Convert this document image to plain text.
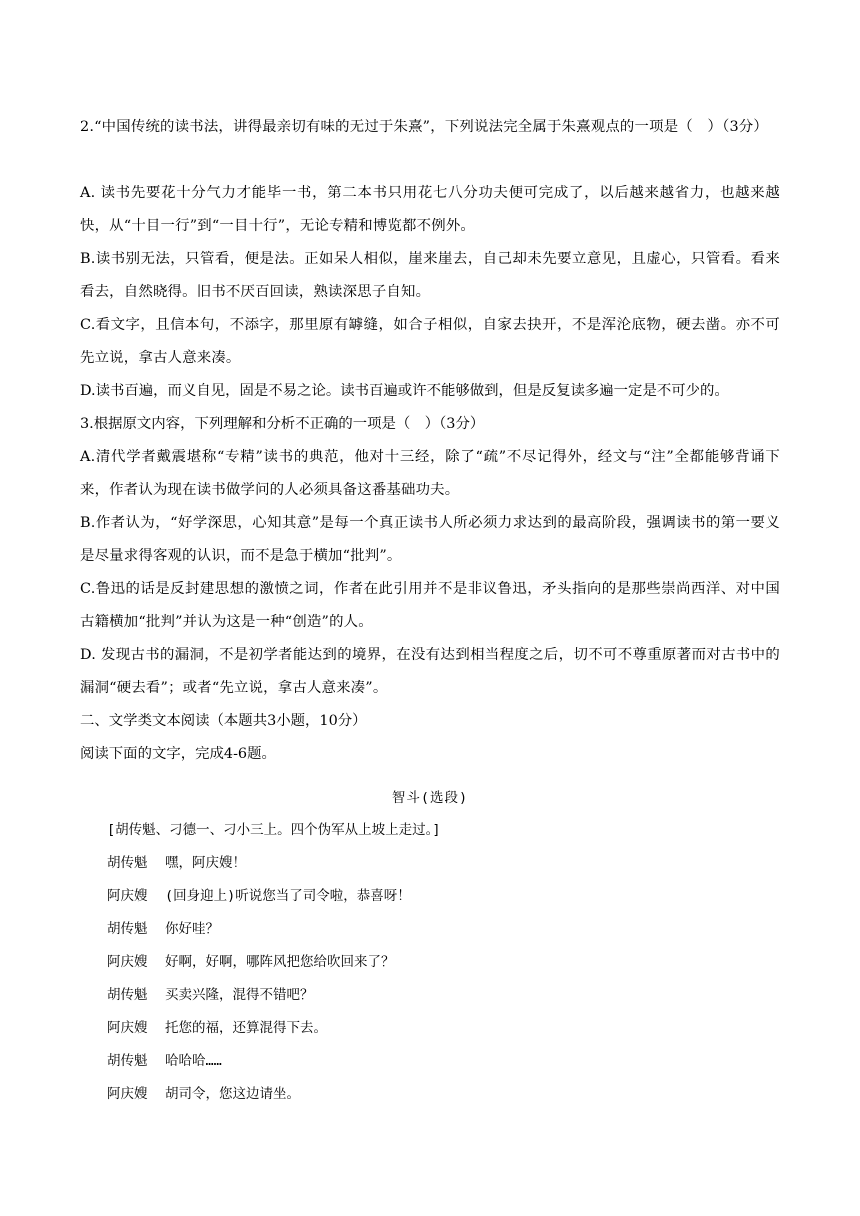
2.“中国传统的读书法，讲得最亲切有味的无过于朱熹”，下列说法完全属于朱熹观点的一项是（　）（3分）
A. 读书先要花十分气力才能毕一书，第二本书只用花七八分功夫便可完成了，以后越来越省力，也越来越快，从“十目一行”到“一目十行”，无论专精和博览都不例外。
B.读书别无法，只管看，便是法。正如呆人相似，崖来崖去，自己却未先要立意见，且虚心，只管看。看来看去，自然晓得。旧书不厌百回读，熟读深思子自知。
C.看文字，且信本句，不添字，那里原有罅缝，如合子相似，自家去抉开，不是浑沦底物，硬去凿。亦不可先立说，拿古人意来凑。
D.读书百遍，而义自见，固是不易之论。读书百遍或许不能够做到，但是反复读多遍一定是不可少的。
3.根据原文内容，下列理解和分析不正确的一项是（　）（3分）
A.清代学者戴震堪称“专精”读书的典范，他对十三经，除了“疏”不尽记得外，经文与“注”全都能够背诵下来，作者认为现在读书做学问的人必须具备这番基础功夫。
B.作者认为，“好学深思，心知其意”是每一个真正读书人所必须力求达到的最高阶段，强调读书的第一要义是尽量求得客观的认识，而不是急于横加“批判”。
C.鲁迅的话是反封建思想的激愤之词，作者在此引用并不是非议鲁迅，矛头指向的是那些崇尚西洋、对中国古籍横加“批判”并认为这是一种“创造”的人。
D. 发现古书的漏洞，不是初学者能达到的境界，在没有达到相当程度之后，切不可不尊重原著而对古书中的漏洞“硬去看”；或者“先立说，拿古人意来凑”。
二、文学类文本阅读（本题共3小题，10分）
阅读下面的文字，完成4-6题。
智斗(选段)
[胡传魁、刁德一、刁小三上。四个伪军从上坡上走过。]
胡传魁 嘿，阿庆嫂！
阿庆嫂 (回身迎上)听说您当了司令啦，恭喜呀！
胡传魁 你好哇？
阿庆嫂 好啊，好啊，哪阵风把您给吹回来了？
胡传魁 买卖兴隆，混得不错吧？
阿庆嫂 托您的福，还算混得下去。
胡传魁 哈哈哈……
阿庆嫂 胡司令，您这边请坐。
